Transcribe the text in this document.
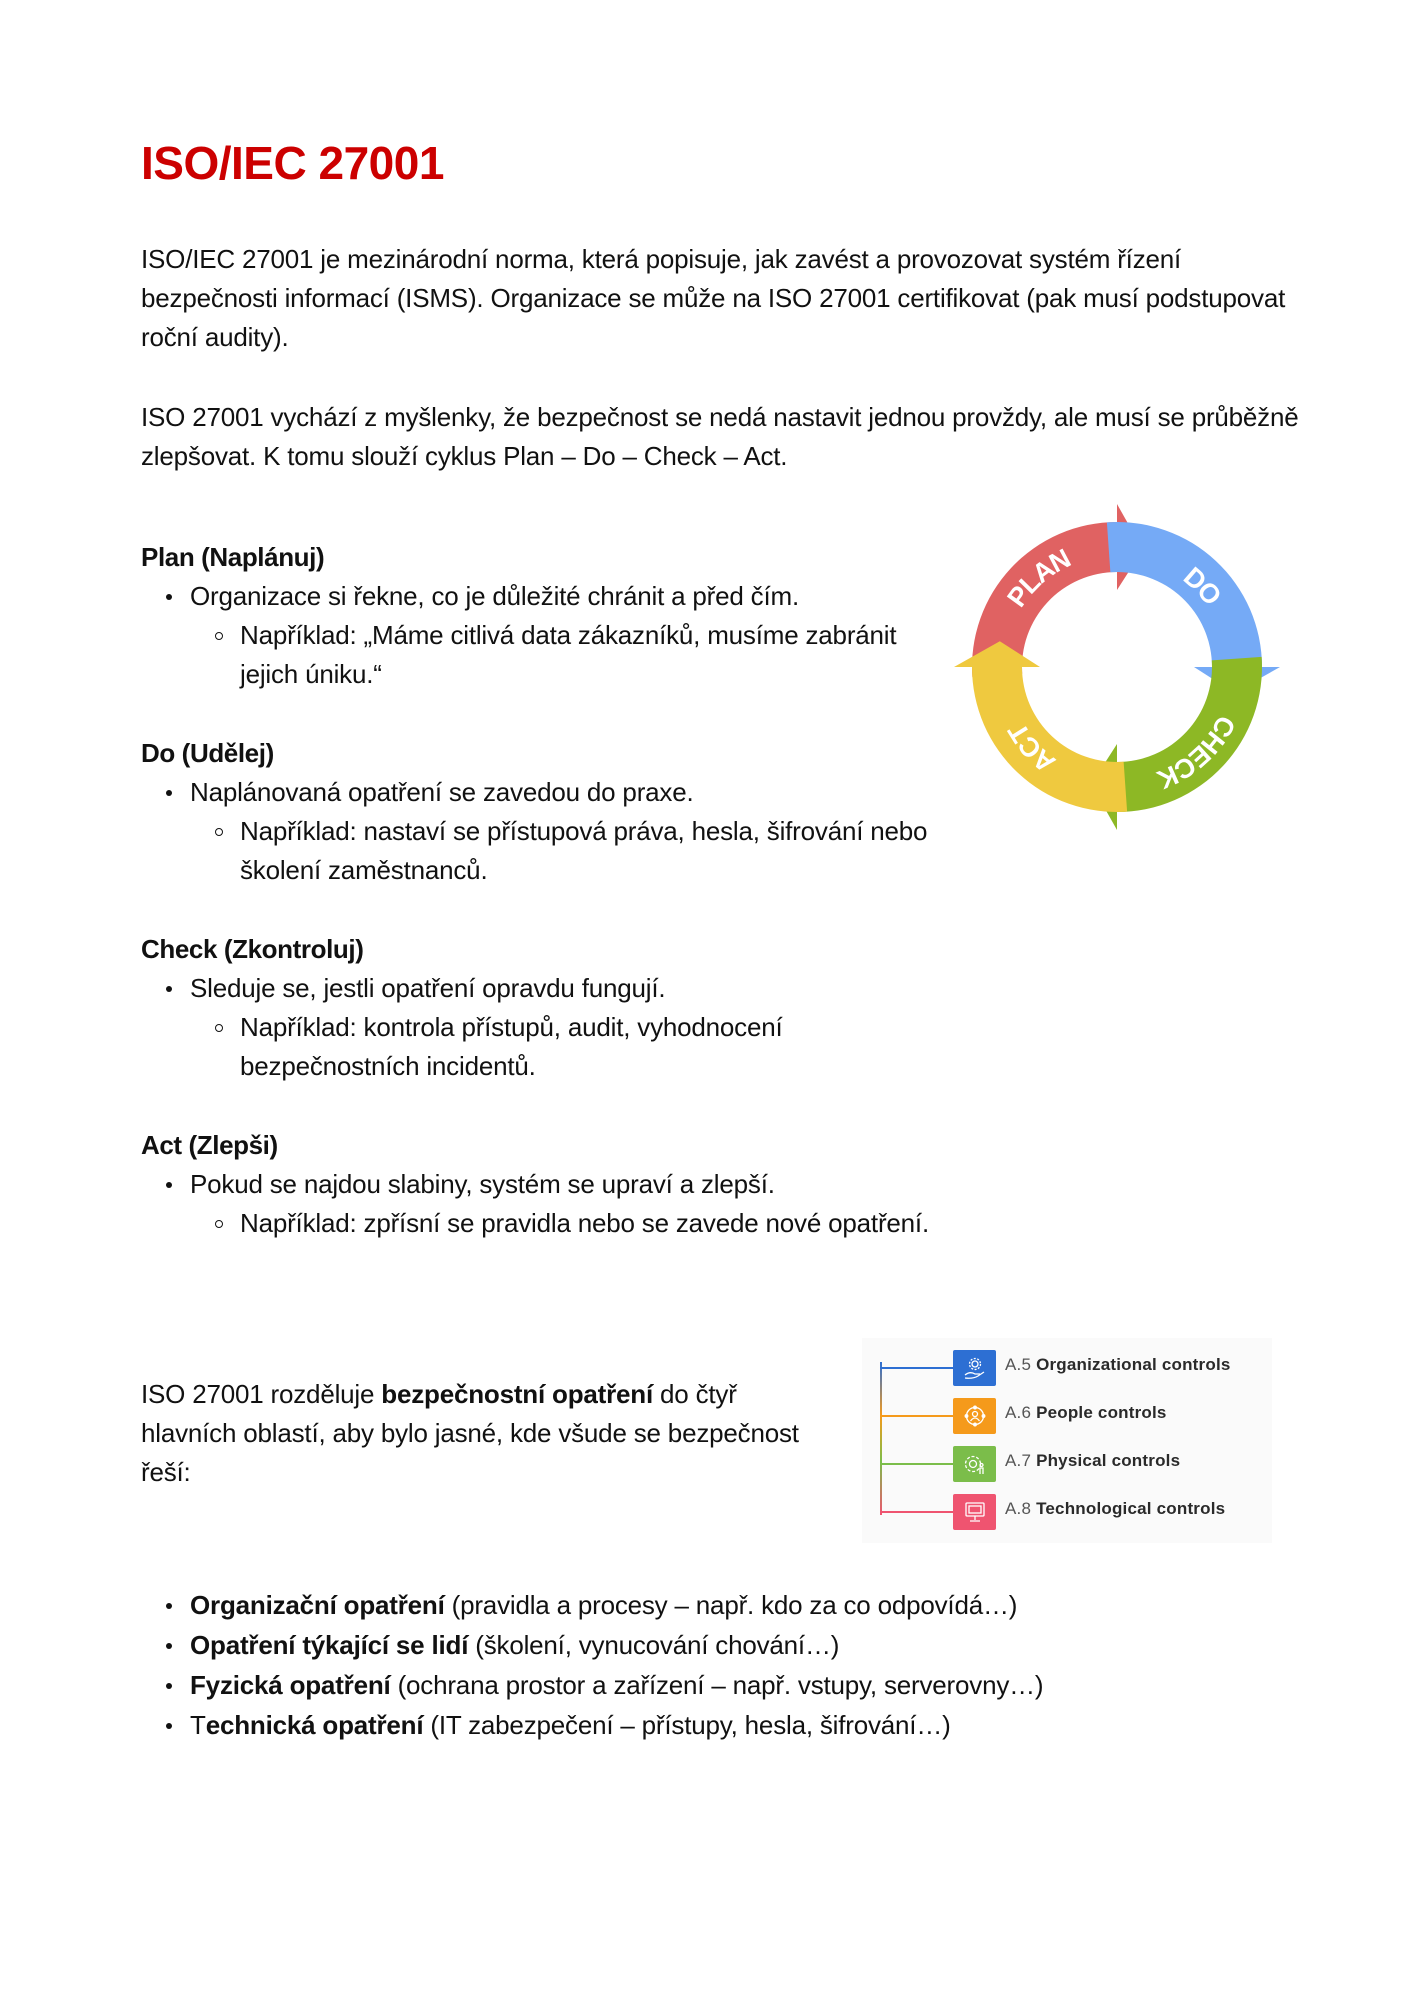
ISO/IEC 27001

ISO/IEC 27001 je mezinárodní norma, která popisuje, jak zavést a provozovat systém řízení bezpečnosti informací (ISMS). Organizace se může na ISO 27001 certifikovat (pak musí podstupovat roční audity).

ISO 27001 vychází z myšlenky, že bezpečnost se nedá nastavit jednou provždy, ale musí se průběžně zlepšovat. K tomu slouží cyklus Plan – Do – Check – Act.

Plan (Naplánuj)

Organizace si řekne, co je důležité chránit a před čím.

Například: „Máme citlivá data zákazníků, musíme zabránit jejich úniku.“

Do (Udělej)

Naplánovaná opatření se zavedou do praxe.

Například: nastaví se přístupová práva, hesla, šifrování nebo školení zaměstnanců.

Check (Zkontroluj)

Sleduje se, jestli opatření opravdu fungují.

Například: kontrola přístupů, audit, vyhodnocení bezpečnostních incidentů.

Act (Zlepši)

Pokud se najdou slabiny, systém se upraví a zlepší.

Například: zpřísní se pravidla nebo se zavede nové opatření.

PLAN
DO
CHECK
ACT

ISO 27001 rozděluje bezpečnostní opatření do čtyř hlavních oblastí, aby bylo jasné, kde všude se bezpečnost řeší:

A.5 Organizational controls
A.6 People controls
A.7 Physical controls
A.8 Technological controls

Organizační opatření (pravidla a procesy – např. kdo za co odpovídá…)

Opatření týkající se lidí (školení, vynucování chování…)

Fyzická opatření (ochrana prostor a zařízení – např. vstupy, serverovny…)

Technická opatření (IT zabezpečení – přístupy, hesla, šifrování…)
